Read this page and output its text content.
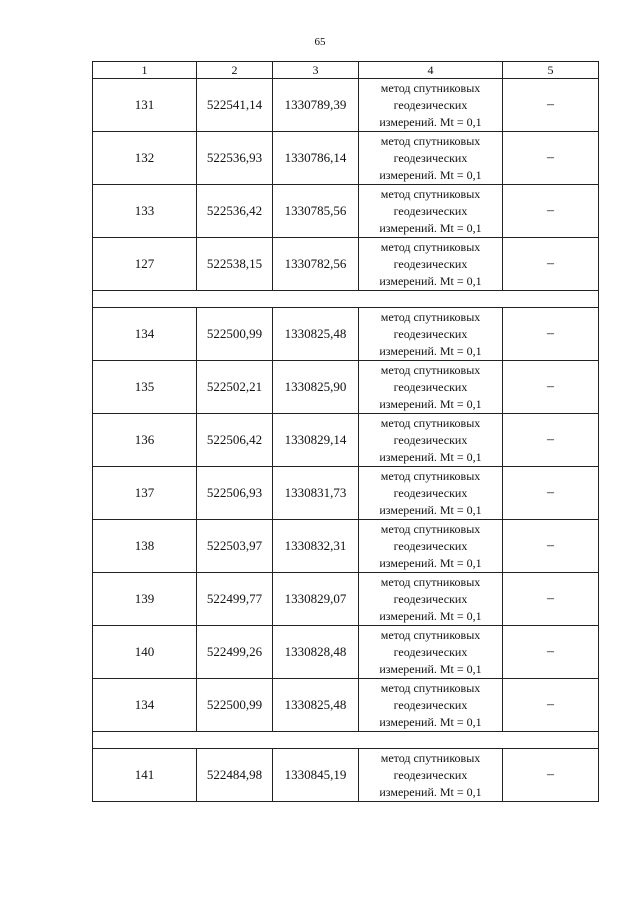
65
1	2	3	4	5
131	522541,14	1330789,39	метод спутниковых
геодезических
измерений. Mt = 0,1	–
132	522536,93	1330786,14	метод спутниковых
геодезических
измерений. Mt = 0,1	–
133	522536,42	1330785,56	метод спутниковых
геодезических
измерений. Mt = 0,1	–
127	522538,15	1330782,56	метод спутниковых
геодезических
измерений. Mt = 0,1	–

134	522500,99	1330825,48	метод спутниковых
геодезических
измерений. Mt = 0,1	–
135	522502,21	1330825,90	метод спутниковых
геодезических
измерений. Mt = 0,1	–
136	522506,42	1330829,14	метод спутниковых
геодезических
измерений. Mt = 0,1	–
137	522506,93	1330831,73	метод спутниковых
геодезических
измерений. Mt = 0,1	–
138	522503,97	1330832,31	метод спутниковых
геодезических
измерений. Mt = 0,1	–
139	522499,77	1330829,07	метод спутниковых
геодезических
измерений. Mt = 0,1	–
140	522499,26	1330828,48	метод спутниковых
геодезических
измерений. Mt = 0,1	–
134	522500,99	1330825,48	метод спутниковых
геодезических
измерений. Mt = 0,1	–

141	522484,98	1330845,19	метод спутниковых
геодезических
измерений. Mt = 0,1	–
